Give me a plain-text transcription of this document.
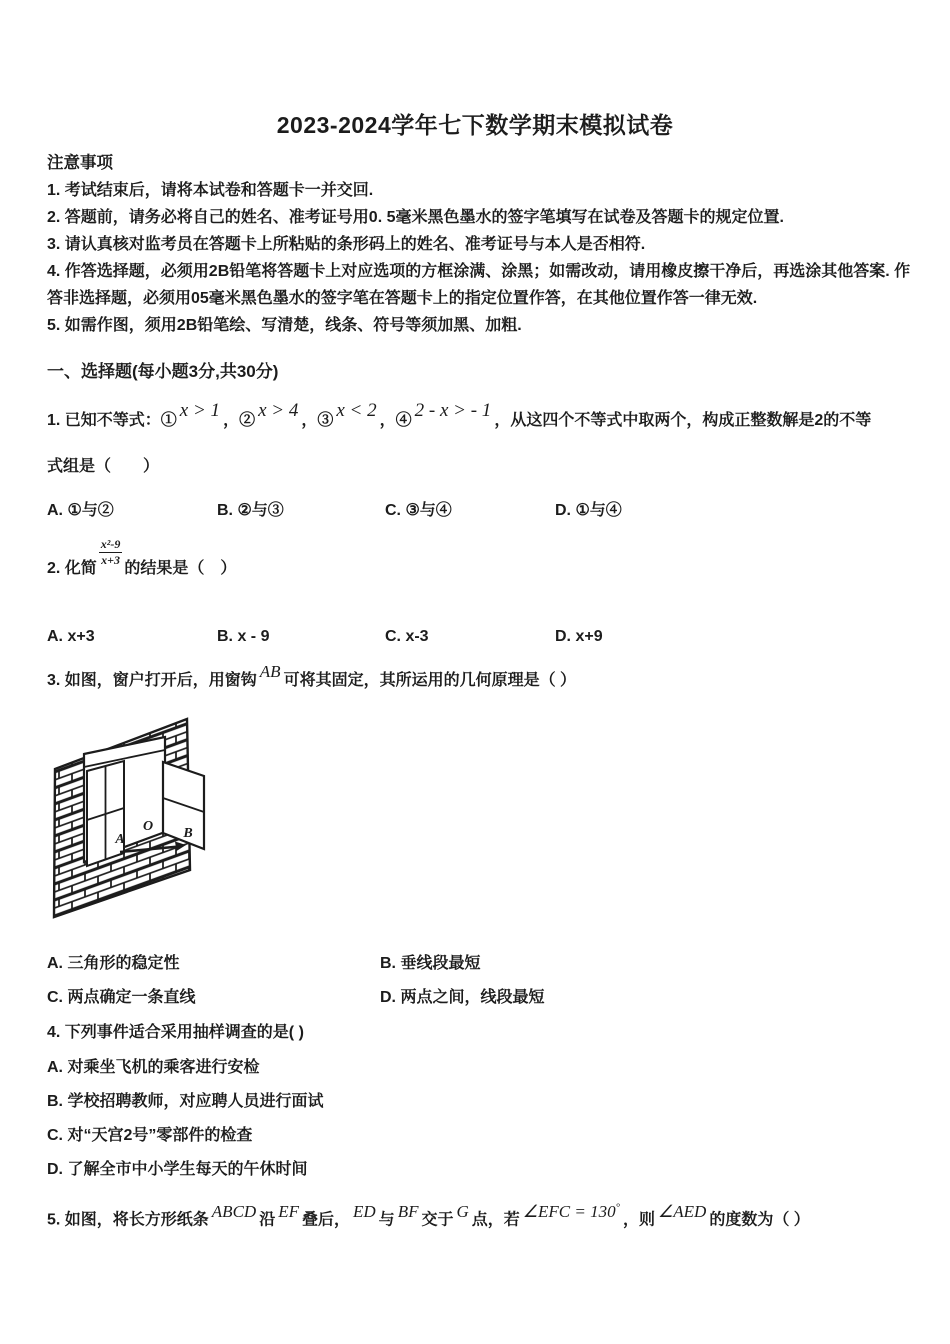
2023-2024学年七下数学期末模拟试卷
注意事项
1. 考试结束后，请将本试卷和答题卡一并交回.
2. 答题前，请务必将自己的姓名、准考证号用0. 5毫米黑色墨水的签字笔填写在试卷及答题卡的规定位置.
3. 请认真核对监考员在答题卡上所粘贴的条形码上的姓名、准考证号与本人是否相符.
4. 作答选择题，必须用2B铅笔将答题卡上对应选项的方框涂满、涂黑；如需改动，请用橡皮擦干净后，再选涂其他答案. 作答非选择题，必须用05毫米黑色墨水的签字笔在答题卡上的指定位置作答，在其他位置作答一律无效.
5. 如需作图，须用2B铅笔绘、写清楚，线条、符号等须加黑、加粗.
一、选择题(每小题3分,共30分)
1. 已知不等式：① x > 1 ，② x > 4 ，③ x < 2 ，④ 2 - x > - 1 ，从这四个不等式中取两个，构成正整数解是2的不等
式组是（　　）
A. ①与②	B. ②与③	C. ③与④	D. ①与④
2. 化简
$\frac{\text{x²-9}}{x+3}$
的结果是（　）
A. x+3	B. x - 9	C. x-3	D. x+9
3. 如图，窗户打开后，用窗钩 AB 可将其固定，其所运用的几何原理是（ ）
A
O B
A. 三角形的稳定性	B. 垂线段最短
C. 两点确定一条直线	D. 两点之间，线段最短
4. 下列事件适合采用抽样调查的是( )
A. 对乘坐飞机的乘客进行安检
B. 学校招聘教师，对应聘人员进行面试
C. 对“天宫2号”零部件的检查
D. 了解全市中小学生每天的午休时间
5. 如图，将长方形纸条 ABCD 沿 EF 叠后， ED 与 BF 交于 G 点，若 ∠EFC = 130°，则 ∠AED 的度数为（ ）
